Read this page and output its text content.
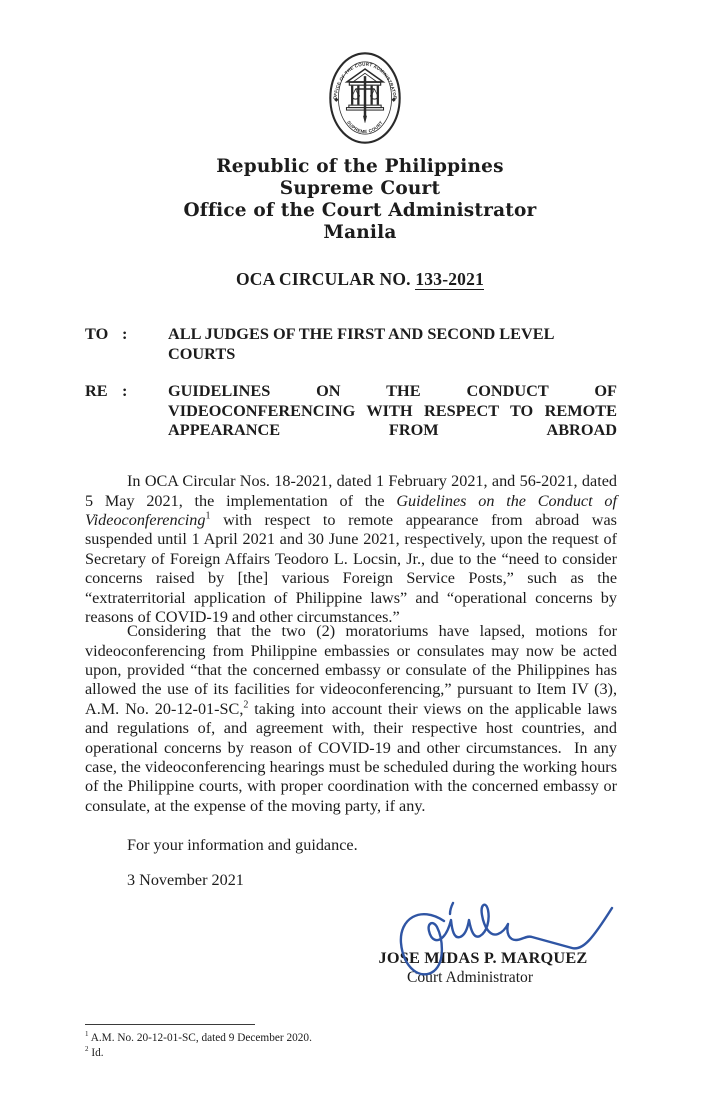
OFFICE OF THE COURT ADMINISTRATOR
SUPREME COURT
Republic of the Philippines
Supreme Court
Office of the Court Administrator
Manila
OCA CIRCULAR NO. 133-2021
TO :	ALL JUDGES OF THE FIRST AND SECOND LEVEL COURTS
RE :	GUIDELINES ON THE CONDUCT OF VIDEOCONFERENCING WITH RESPECT TO REMOTE APPEARANCE FROM ABROAD

In OCA Circular Nos. 18-2021, dated 1 February 2021, and 56-2021, dated 5 May 2021, the implementation of the Guidelines on the Conduct of Videoconferencing$^1$ with respect to remote appearance from abroad was suspended until 1 April 2021 and 30 June 2021, respectively, upon the request of Secretary of Foreign Affairs Teodoro L. Locsin, Jr., due to the “need to consider concerns raised by [the] various Foreign Service Posts,” such as the “extraterritorial application of Philippine laws” and “operational concerns by reasons of COVID-19 and other circumstances.”

Considering that the two (2) moratoriums have lapsed, motions for videoconferencing from Philippine embassies or consulates may now be acted upon, provided “that the concerned embassy or consulate of the Philippines has allowed the use of its facilities for videoconferencing,” pursuant to Item IV (3), A.M. No. 20-12-01-SC,$^2$ taking into account their views on the applicable laws and regulations of, and agreement with, their respective host countries, and operational concerns by reason of COVID-19 and other circumstances.  In any case, the videoconferencing hearings must be scheduled during the working hours of the Philippine courts, with proper coordination with the concerned embassy or consulate, at the expense of the moving party, if any.

For your information and guidance.
3 November 2021
JOSE MIDAS P. MARQUEZ
Court Administrator
$^1$ A.M. No. 20-12-01-SC, dated 9 December 2020.
$^2$ Id.
